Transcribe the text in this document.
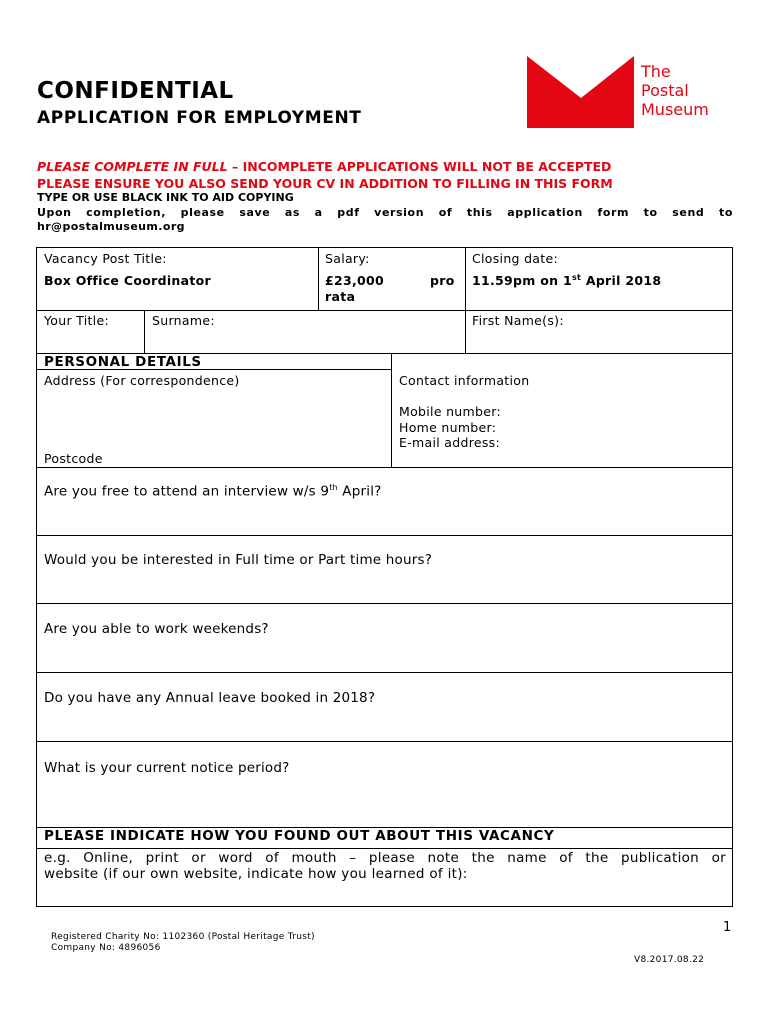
CONFIDENTIAL
APPLICATION FOR EMPLOYMENT
The
Postal
Museum
PLEASE COMPLETE IN FULL – INCOMPLETE APPLICATIONS WILL NOT BE ACCEPTED
PLEASE ENSURE YOU ALSO SEND YOUR CV IN ADDITION TO FILLING IN THIS FORM
TYPE OR USE BLACK INK TO AID COPYING
Upon completion, please save as a pdf version of this application form to send to
hr@postalmuseum.org
Vacancy Post Title:
Box Office Coordinator
Salary:
£23,000	pro
rata
Closing date:
11.59pm on 1st April 2018
Your Title:	Surname:	First Name(s):
PERSONAL DETAILS
Address (For correspondence)
Postcode
Contact information
Mobile number:
Home number:
E-mail address:
Are you free to attend an interview w/s 9th April?
Would you be interested in Full time or Part time hours?
Are you able to work weekends?
Do you have any Annual leave booked in 2018?
What is your current notice period?
PLEASE INDICATE HOW YOU FOUND OUT ABOUT THIS VACANCY
e.g. Online, print or word of mouth – please note the name of the publication or
website (if our own website, indicate how you learned of it):
1
Registered Charity No: 1102360 (Postal Heritage Trust)
Company No: 4896056
V8.2017.08.22
